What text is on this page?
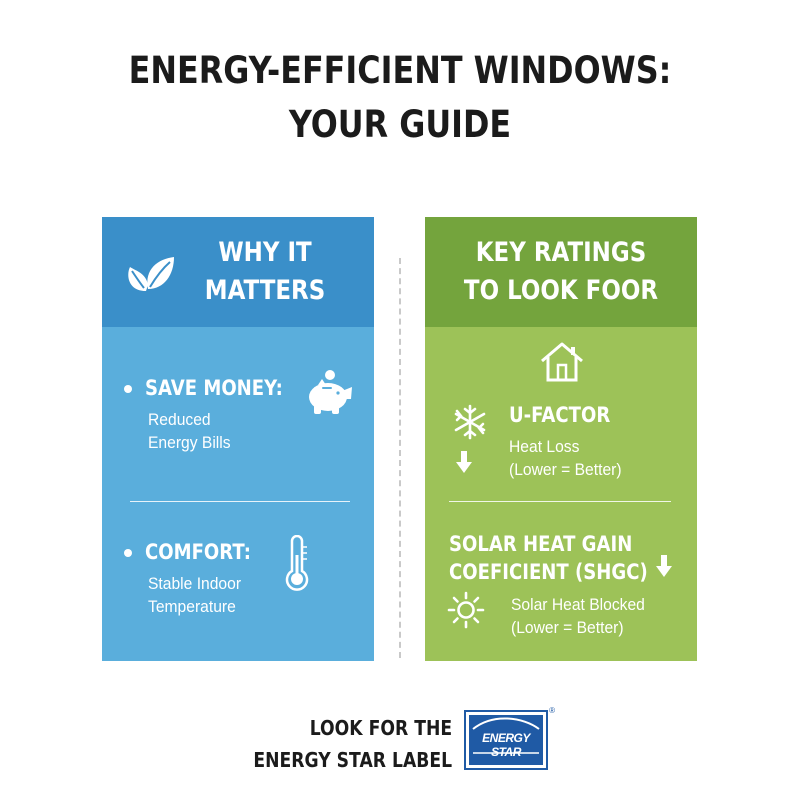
ENERGY-EFFICIENT WINDOWS:
YOUR GUIDE
WHY IT
MATTERS
SAVE MONEY:
Reduced
Energy Bills
COMFORT:
Stable Indoor
Temperature
KEY RATINGS
TO LOOK FOOR
U-FACTOR
Heat Loss
(Lower = Better)
SOLAR HEAT GAIN
COEFICIENT (SHGC)
Solar Heat Blocked
(Lower = Better)
LOOK FOR THE
ENERGY STAR LABEL
ENERGY STAR
®
